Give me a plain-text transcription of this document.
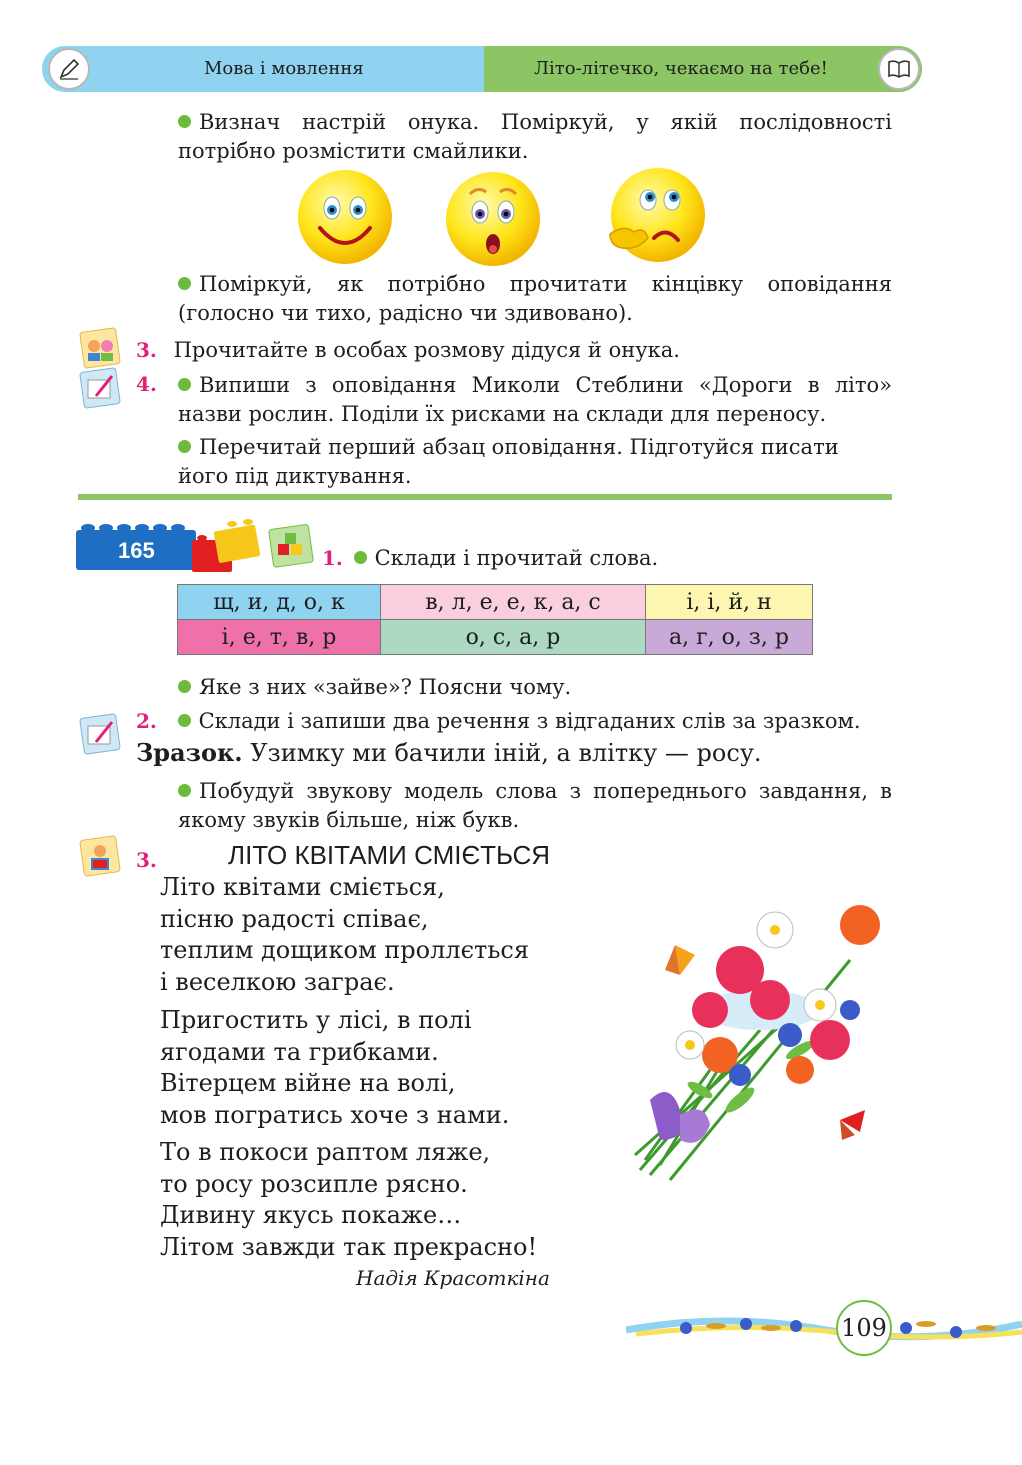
Мова і мовлення	Літо-літечко, чекаємо на тебе!
Визнач настрій онука. Поміркуй, у якій послідовності потрібно розмістити смайлики.
Поміркуй, як потрібно прочитати кінцівку оповідання (голосно чи тихо, радісно чи здивовано).
3. Прочитайте в особах розмову дідуся й онука.
4.	Випиши з оповідання Миколи Стеблини «Дороги в літо» назви рослин. Поділи їх рисками на склади для переносу.
Перечитай перший абзац оповідання. Підготуйся писати його під диктування.
165	1. Склади і прочитай слова.
щ, и, д, о, к	в, л, е, е, к, а, с	і, і, й, н
і, е, т, в, р	о, с, а, р	а, г, о, з, р
Яке з них «зайве»? Поясни чому.
2. Склади і запиши два речення з відгаданих слів за зразком.
Зразок. Узимку ми бачили іній, а влітку — росу.
Побудуй звукову модель слова з попереднього завдання, в якому звуків більше, ніж букв.
3.	ЛІТО КВІТАМИ СМІЄТЬСЯ
Літо квітами сміється,
пісню радості співає,
теплим дощиком проллється
і веселкою заграє.
Пригостить у лісі, в полі
ягодами та грибками.
Вітерцем війне на волі,
мов погратись хоче з нами.
То в покоси раптом ляже,
то росу розсипле рясно.
Дивину якусь покаже…
Літом завжди так прекрасно!
Надія Красоткіна
109
